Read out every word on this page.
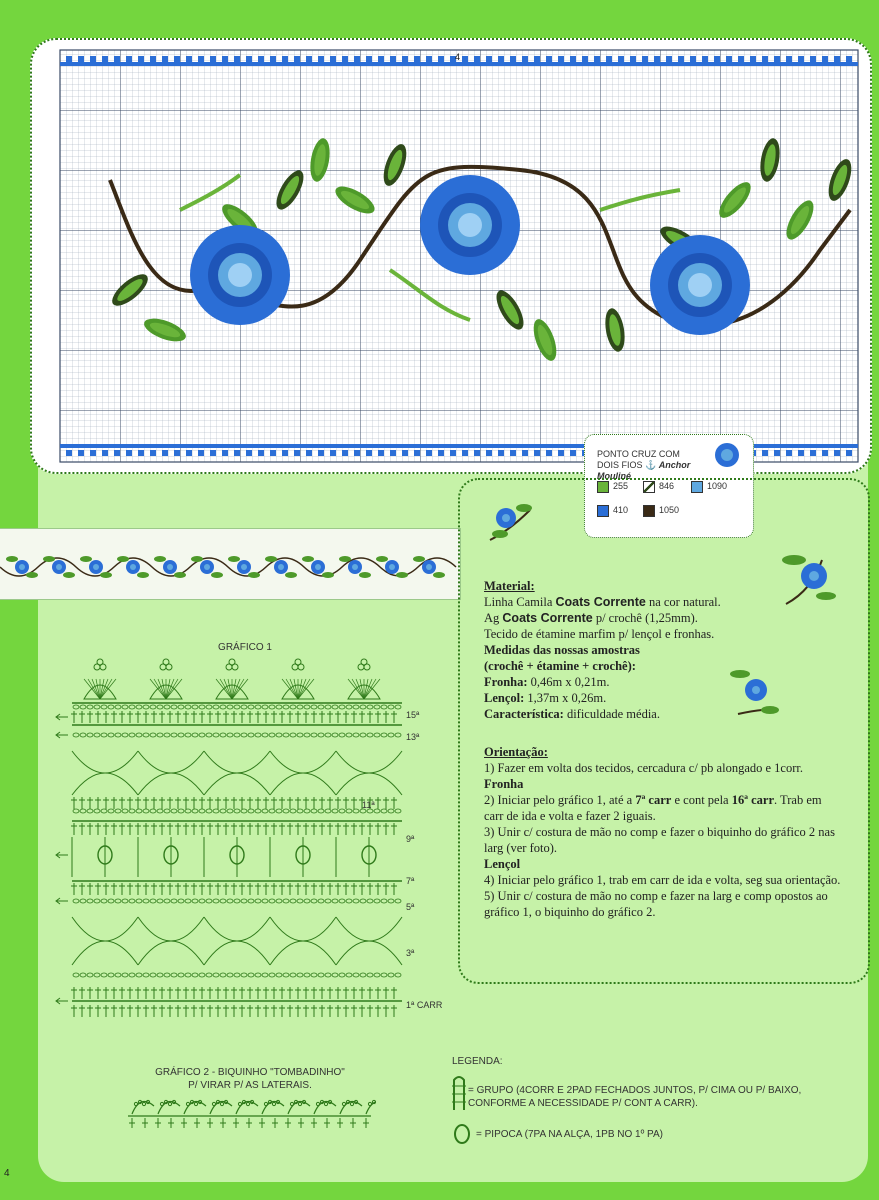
4
PONTO CRUZ COM
DOIS FIOS ⚓ Anchor Mouliné
255	846	1090
410	1050

Material:

Linha Camila Coats Corrente na cor natural.

Ag Coats Corrente p/ crochê (1,25mm).

Tecido de étamine marfim p/ lençol e fronhas.

Medidas das nossas amostras

(crochê + étamine + crochê):

Fronha: 0,46m x 0,21m.

Lençol: 1,37m x 0,26m.

Característica: dificuldade média.

Orientação:

1) Fazer em volta dos tecidos, cercadura c/ pb alongado e 1corr.

Fronha

2) Iniciar pelo gráfico 1, até a 7ª carr e cont pela 16ª carr. Trab em carr de ida e volta e fazer 2 iguais.

3) Unir c/ costura de mão no comp e fazer o biquinho do gráfico 2 nas larg (ver foto).

Lençol

4) Iniciar pelo gráfico 1, trab em carr de ida e volta, seg sua orientação.

5) Unir c/ costura de mão no comp e fazer na larg e comp opostos ao gráfico 1, o biquinho do gráfico 2.

GRÁFICO 1
15ª
13ª
11ª
9ª
7ª
5ª
3ª
1ª CARR
GRÁFICO 2 - BIQUINHO "TOMBADINHO"
P/ VIRAR P/ AS LATERAIS.
LEGENDA:
= GRUPO (4CORR E 2PAD FECHADOS JUNTOS, P/ CIMA OU P/ BAIXO,
CONFORME A NECESSIDADE P/ CONT A CARR).
= PIPOCA (7PA NA ALÇA, 1PB NO 1º PA)
4
